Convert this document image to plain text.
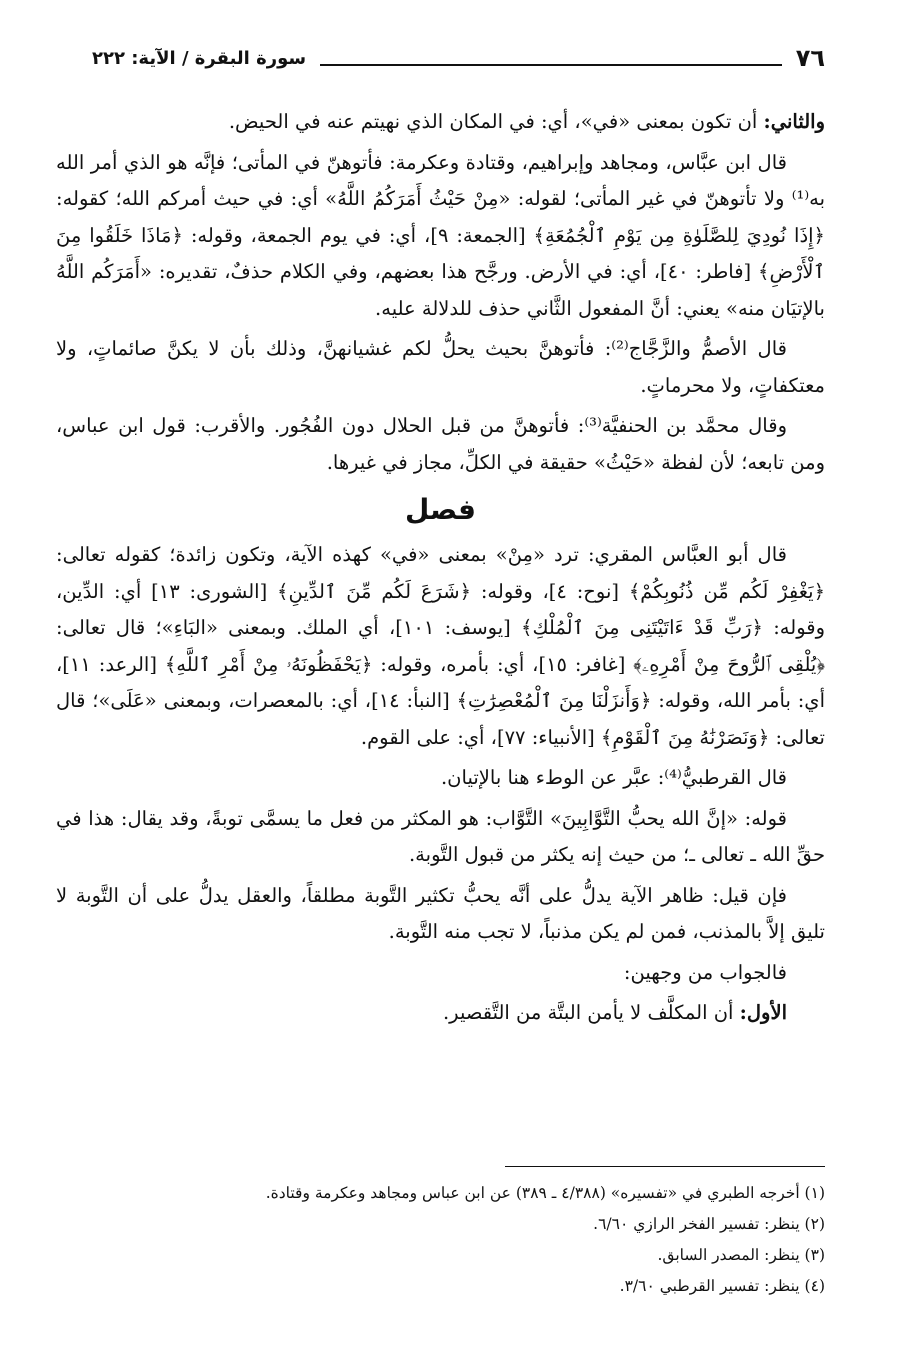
٧٦
سورة البقرة / الآية: ٢٢٢

والثاني: أن تكون بمعنى «في»، أي: في المكان الذي نهيتم عنه في الحيض.

قال ابن عبَّاس، ومجاهد وإبراهيم، وقتادة وعكرمة: فأتوهنّ في المأتى؛ فإنَّه هو الذي أمر الله به⁽¹⁾ ولا تأتوهنّ في غير المأتى؛ لقوله: «مِنْ حَيْثُ أَمَرَكُمُ اللَّهُ» أي: في حيث أمركم الله؛ كقوله: ﴿إِذَا نُودِيَ لِلصَّلَوٰةِ مِن يَوْمِ ٱلْجُمُعَةِ﴾ [الجمعة: ٩]، أي: في يوم الجمعة، وقوله: ﴿مَاذَا خَلَقُوا مِنَ ٱلْأَرْضِ﴾ [فاطر: ٤٠]، أي: في الأرض. ورجَّح هذا بعضهم، وفي الكلام حذفٌ، تقديره: «أَمَرَكُم اللَّهُ بالإتيَان منه» يعني: أنَّ المفعول الثَّاني حذف للدلالة عليه.

قال الأصمُّ والزَّجَّاج⁽²⁾: فأتوهنَّ بحيث يحلُّ لكم غشيانهنَّ، وذلك بأن لا يكنَّ صائماتٍ، ولا معتكفاتٍ، ولا محرماتٍ.

وقال محمَّد بن الحنفيَّة⁽³⁾: فأتوهنَّ من قبل الحلال دون الفُجُور. والأقرب: قول ابن عباس، ومن تابعه؛ لأن لفظة «حَيْثُ» حقيقة في الكلِّ، مجاز في غيرها.

فصل

قال أبو العبَّاس المقري: ترد «مِنْ» بمعنى «في» كهذه الآية، وتكون زائدة؛ كقوله تعالى: ﴿يَغْفِرْ لَكُم مِّن ذُنُوبِكُمْ﴾ [نوح: ٤]، وقوله: ﴿شَرَعَ لَكُم مِّنَ ٱلدِّينِ﴾ [الشورى: ١٣] أي: الدِّين، وقوله: ﴿رَبِّ قَدْ ءَاتَيْتَنِى مِنَ ٱلْمُلْكِ﴾ [يوسف: ١٠١]، أي الملك. وبمعنى «البَاءِ»؛ قال تعالى: ﴿يُلْقِى ٱلرُّوحَ مِنْ أَمْرِهِۦ﴾ [غافر: ١٥]، أي: بأمره، وقوله: ﴿يَحْفَظُونَهُۥ مِنْ أَمْرِ ٱللَّهِ﴾ [الرعد: ١١]، أي: بأمر الله، وقوله: ﴿وَأَنزَلْنَا مِنَ ٱلْمُعْصِرَٰتِ﴾ [النبأ: ١٤]، أي: بالمعصرات، وبمعنى «عَلَى»؛ قال تعالى: ﴿وَنَصَرْنَٰهُ مِنَ ٱلْقَوْمِ﴾ [الأنبياء: ٧٧]، أي: على القوم.

قال القرطبيُّ⁽⁴⁾: عبَّر عن الوطء هنا بالإتيان.

قوله: «إنَّ الله يحبُّ التَّوَّابِينَ» التَّوَّاب: هو المكثر من فعل ما يسمَّى توبةً، وقد يقال: هذا في حقِّ الله ـ تعالى ـ؛ من حيث إنه يكثر من قبول التَّوبة.

فإن قيل: ظاهر الآية يدلُّ على أنَّه يحبُّ تكثير التَّوبة مطلقاً، والعقل يدلُّ على أن التَّوبة لا تليق إلاَّ بالمذنب، فمن لم يكن مذنباً، لا تجب منه التَّوبة.

فالجواب من وجهين:

الأول: أن المكلَّف لا يأمن البتَّة من التَّقصير.

(١) أخرجه الطبري في «تفسيره» (٤/٣٨٨ ـ ٣٨٩) عن ابن عباس ومجاهد وعكرمة وقتادة.
(٢) ينظر: تفسير الفخر الرازي ٦/٦٠.
(٣) ينظر: المصدر السابق.
(٤) ينظر: تفسير القرطبي ٣/٦٠.
